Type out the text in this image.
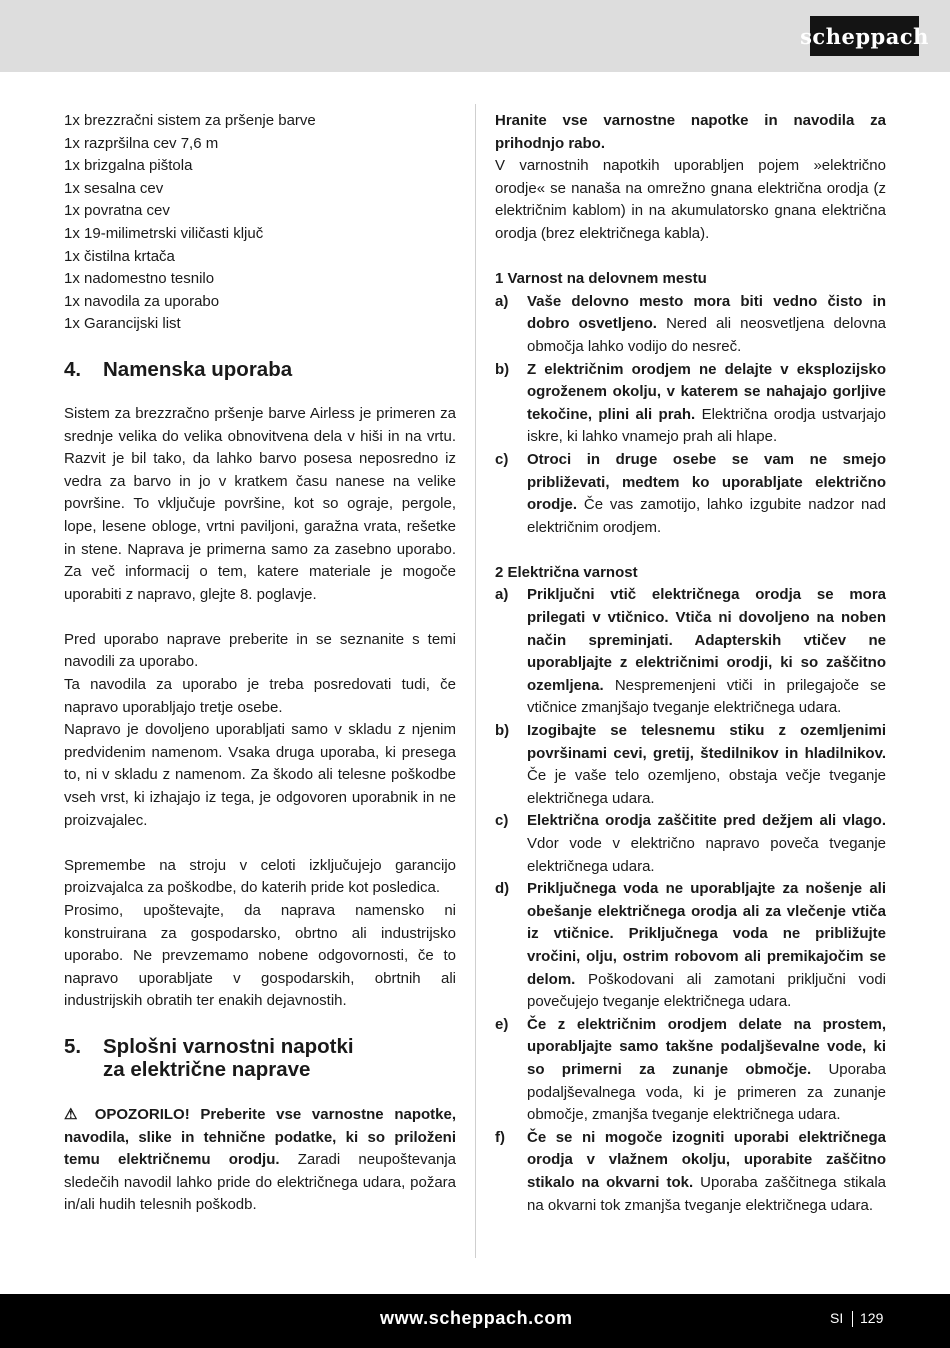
scheppach
1x brezzračni sistem za pršenje barve
1x razpršilna cev 7,6 m
1x brizgalna pištola
1x sesalna cev
1x povratna cev
1x 19-milimetrski viličasti ključ
1x čistilna krtača
1x nadomestno tesnilo
1x navodila za uporabo
1x Garancijski list
4.	Namenska uporaba

Sistem za brezzračno pršenje barve Airless je primeren za srednje velika do velika obnovitvena dela v hiši in na vrtu. Razvit je bil tako, da lahko barvo posesa neposredno iz vedra za barvo in jo v kratkem času nanese na velike površine. To vključuje površine, kot so ograje, pergole, lope, lesene obloge, vrtni paviljoni, garažna vrata, rešetke in stene. Naprava je primerna samo za zasebno uporabo. Za več informacij o tem, katere materiale je mogoče uporabiti z napravo, glejte 8. poglavje.

Pred uporabo naprave preberite in se seznanite s temi navodili za uporabo.

Ta navodila za uporabo je treba posredovati tudi, če napravo uporabljajo tretje osebe.

Napravo je dovoljeno uporabljati samo v skladu z njenim predvidenim namenom. Vsaka druga uporaba, ki presega to, ni v skladu z namenom. Za škodo ali telesne poškodbe vseh vrst, ki izhajajo iz tega, je odgovoren uporabnik in ne proizvajalec.

Spremembe na stroju v celoti izključujejo garancijo proizvajalca za poškodbe, do katerih pride kot posledica.

Prosimo, upoštevajte, da naprava namensko ni konstruirana za gospodarsko, obrtno ali industrijsko uporabo. Ne prevzemamo nobene odgovornosti, če to napravo uporabljate v gospodarskih, obrtnih ali industrijskih obratih ter enakih dejavnostih.

5.	Splošni varnostni napotki
za električne naprave

⚠ OPOZORILO! Preberite vse varnostne napotke, navodila, slike in tehnične podatke, ki so priloženi temu električnemu orodju. Zaradi neupoštevanja sledečih navodil lahko pride do električnega udara, požara in/ali hudih telesnih poškodb.

Hranite vse varnostne napotke in navodila za prihodnjo rabo.
V varnostnih napotkih uporabljen pojem »električno orodje« se nanaša na omrežno gnana električna orodja (z električnim kablom) in na akumulatorsko gnana električna orodja (brez električnega kabla).

1 Varnost na delovnem mestu

a)	Vaše delovno mesto mora biti vedno čisto in dobro osvetljeno. Nered ali neosvetljena delovna območja lahko vodijo do nesreč.
b)	Z električnim orodjem ne delajte v eksplozijsko ogroženem okolju, v katerem se nahajajo gorljive tekočine, plini ali prah. Električna orodja ustvarjajo iskre, ki lahko vnamejo prah ali hlape.
c)	Otroci in druge osebe se vam ne smejo približevati, medtem ko uporabljate električno orodje. Če vas zamotijo, lahko izgubite nadzor nad električnim orodjem.

2 Električna varnost

a)	Priključni vtič električnega orodja se mora prilegati v vtičnico. Vtiča ni dovoljeno na noben način spreminjati. Adapterskih vtičev ne uporabljajte z električnimi orodji, ki so zaščitno ozemljena. Nespremenjeni vtiči in prilegajoče se vtičnice zmanjšajo tveganje električnega udara.
b)	Izogibajte se telesnemu stiku z ozemljenimi površinami cevi, gretij, štedilnikov in hladilnikov. Če je vaše telo ozemljeno, obstaja večje tveganje električnega udara.
c)	Električna orodja zaščitite pred dežjem ali vlago. Vdor vode v električno napravo poveča tveganje električnega udara.
d)	Priključnega voda ne uporabljajte za nošenje ali obešanje električnega orodja ali za vlečenje vtiča iz vtičnice. Priključnega voda ne približujte vročini, olju, ostrim robovom ali premikajočim se delom. Poškodovani ali zamotani priključni vodi povečujejo tveganje električnega udara.
e)	Če z električnim orodjem delate na prostem, uporabljajte samo takšne podaljševalne vode, ki so primerni za zunanje območje. Uporaba podaljševalnega voda, ki je primeren za zunanje območje, zmanjša tveganje električnega udara.
f)	Če se ni mogoče izogniti uporabi električnega orodja v vlažnem okolju, uporabite zaščitno stikalo na okvarni tok. Uporaba zaščitnega stikala na okvarni tok zmanjša tveganje električnega udara.
www.scheppach.com	SI 129
